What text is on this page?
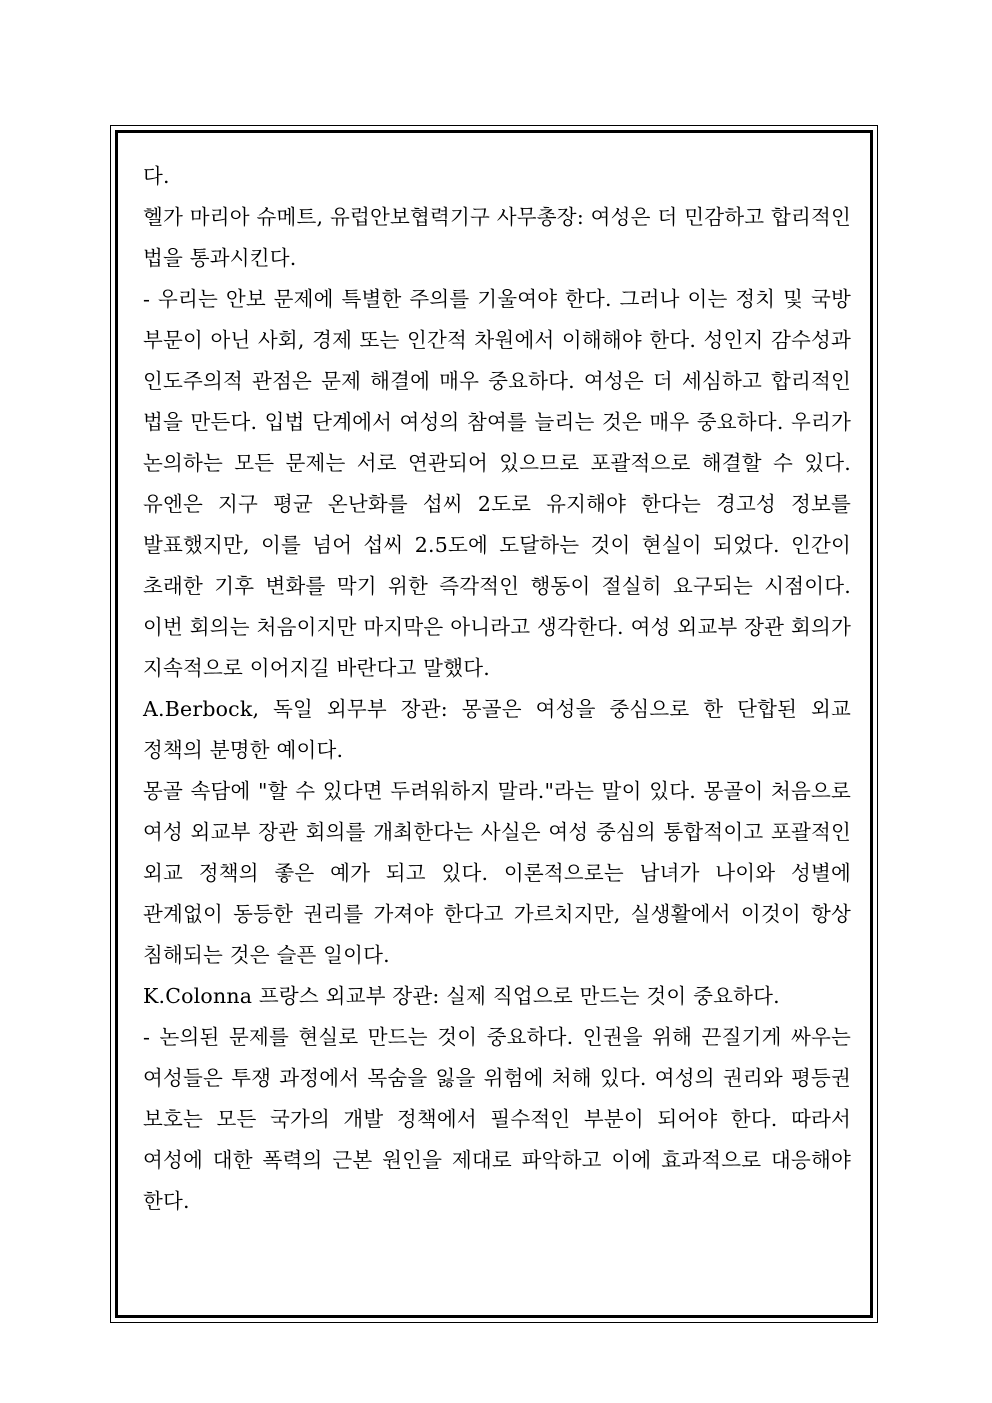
다.

헬가 마리아 슈메트, 유럽안보협력기구 사무총장: 여성은 더 민감하고 합리적인 법을 통과시킨다.

- 우리는 안보 문제에 특별한 주의를 기울여야 한다. 그러나 이는 정치 및 국방 부문이 아닌 사회, 경제 또는 인간적 차원에서 이해해야 한다. 성인지 감수성과 인도주의적 관점은 문제 해결에 매우 중요하다. 여성은 더 세심하고 합리적인 법을 만든다. 입법 단계에서 여성의 참여를 늘리는 것은 매우 중요하다. 우리가 논의하는 모든 문제는 서로 연관되어 있으므로 포괄적으로 해결할 수 있다. 유엔은 지구 평균 온난화를 섭씨 2도로 유지해야 한다는 경고성 정보를 발표했지만, 이를 넘어 섭씨 2.5도에 도달하는 것이 현실이 되었다. 인간이 초래한 기후 변화를 막기 위한 즉각적인 행동이 절실히 요구되는 시점이다. 이번 회의는 처음이지만 마지막은 아니라고 생각한다. 여성 외교부 장관 회의가 지속적으로 이어지길 바란다고 말했다.

A.Berbock, 독일 외무부 장관: 몽골은 여성을 중심으로 한 단합된 외교 정책의 분명한 예이다.

몽골 속담에 "할 수 있다면 두려워하지 말라."라는 말이 있다. 몽골이 처음으로 여성 외교부 장관 회의를 개최한다는 사실은 여성 중심의 통합적이고 포괄적인 외교 정책의 좋은 예가 되고 있다. 이론적으로는 남녀가 나이와 성별에 관계없이 동등한 권리를 가져야 한다고 가르치지만, 실생활에서 이것이 항상 침해되는 것은 슬픈 일이다.

K.Colonna 프랑스 외교부 장관: 실제 직업으로 만드는 것이 중요하다.

- 논의된 문제를 현실로 만드는 것이 중요하다. 인권을 위해 끈질기게 싸우는 여성들은 투쟁 과정에서 목숨을 잃을 위험에 처해 있다. 여성의 권리와 평등권 보호는 모든 국가의 개발 정책에서 필수적인 부분이 되어야 한다. 따라서 여성에 대한 폭력의 근본 원인을 제대로 파악하고 이에 효과적으로 대응해야 한다.
